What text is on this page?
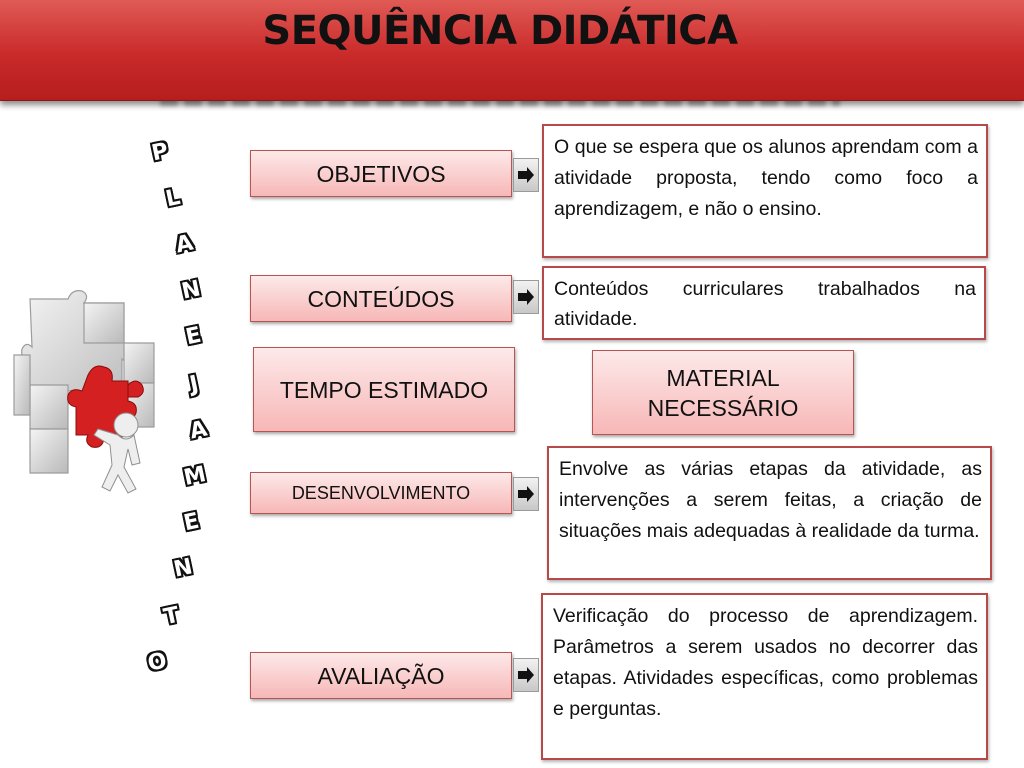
SEQUÊNCIA DIDÁTICA
P
L
A
N
E
J
A
M
E
N
T
O
OBJETIVOS
CONTEÚDOS
TEMPO ESTIMADO	MATERIAL NECESSÁRIO
DESENVOLVIMENTO
AVALIAÇÃO
O que se espera que os alunos aprendam com a atividade proposta, tendo como foco a aprendizagem, e não o ensino.
Conteúdos curriculares trabalhados na atividade.
Envolve as várias etapas da atividade, as intervenções a serem feitas, a criação de situações mais adequadas à realidade da turma.
Verificação do processo de aprendizagem. Parâmetros a serem usados no decorrer das etapas. Atividades específicas, como problemas e perguntas.
